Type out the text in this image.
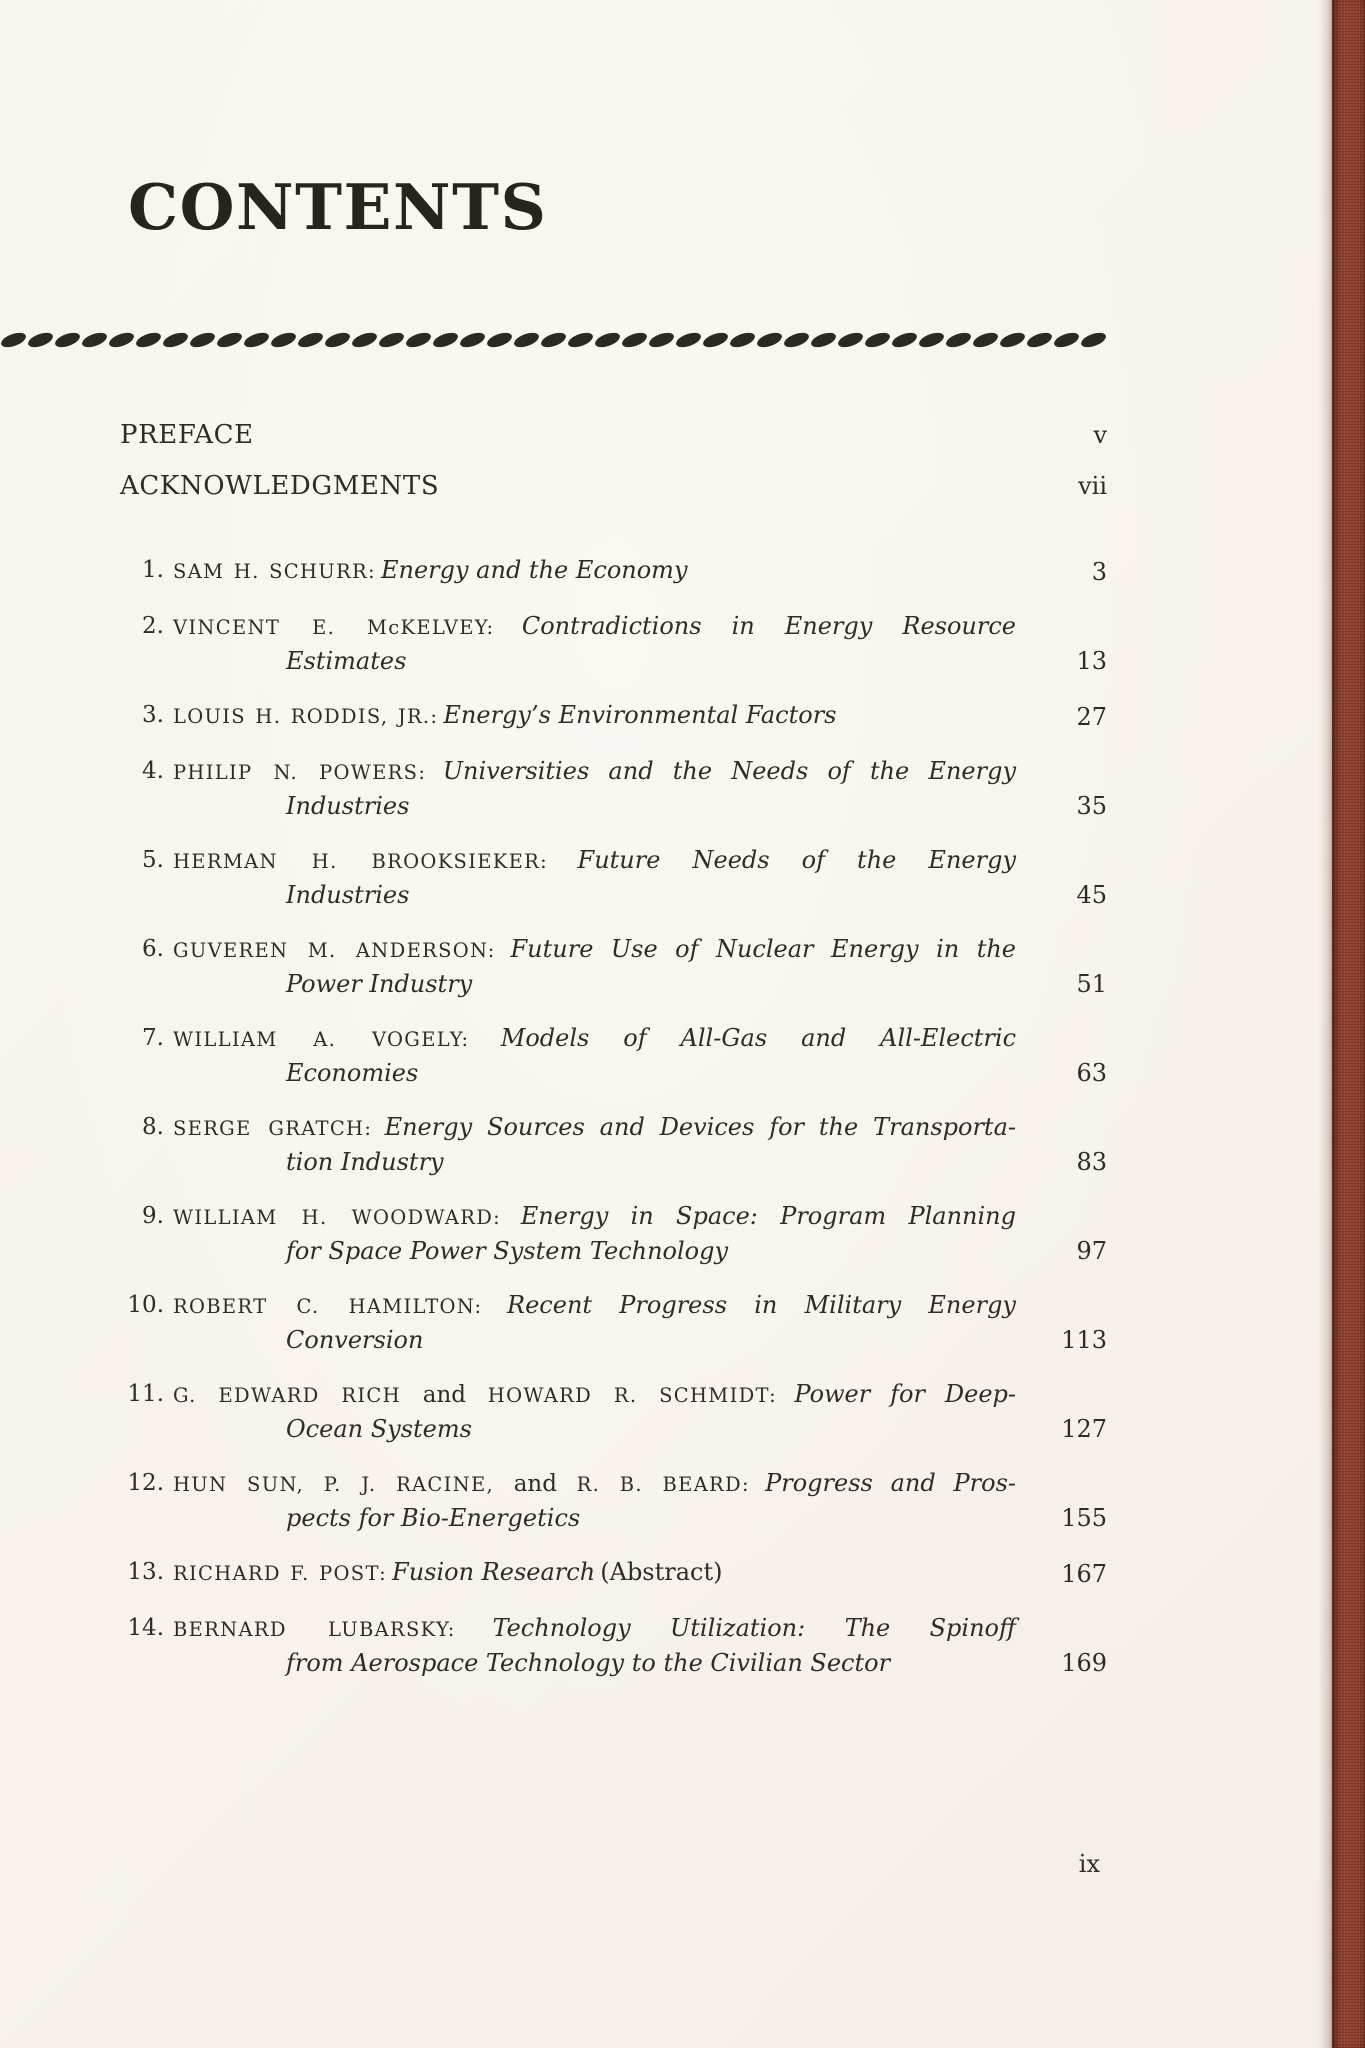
CONTENTS
PREFACE	v
ACKNOWLEDGMENTS	vii
1. SAM H. SCHURR: Energy and the Economy	3
2. VINCENT E. McKELVEY: Contradictions in Energy Resource
Estimates	13
3. LOUIS H. RODDIS, JR.: Energy’s Environmental Factors	27
4. PHILIP N. POWERS: Universities and the Needs of the Energy
Industries	35
5. HERMAN H. BROOKSIEKER: Future Needs of the Energy
Industries	45
6. GUVEREN M. ANDERSON: Future Use of Nuclear Energy in the
Power Industry	51
7. WILLIAM A. VOGELY: Models of All-Gas and All-Electric
Economies	63
8. SERGE GRATCH: Energy Sources and Devices for the Transporta-
tion Industry	83
9. WILLIAM H. WOODWARD: Energy in Space: Program Planning
for Space Power System Technology	97
10. ROBERT C. HAMILTON: Recent Progress in Military Energy
Conversion	113
11. G. EDWARD RICH and HOWARD R. SCHMIDT: Power for Deep-
Ocean Systems	127
12. HUN SUN, P. J. RACINE, and R. B. BEARD: Progress and Pros-
pects for Bio-Energetics	155
13. RICHARD F. POST: Fusion Research (Abstract)	167
14. BERNARD LUBARSKY: Technology Utilization: The Spinoff
from Aerospace Technology to the Civilian Sector	169
ix
